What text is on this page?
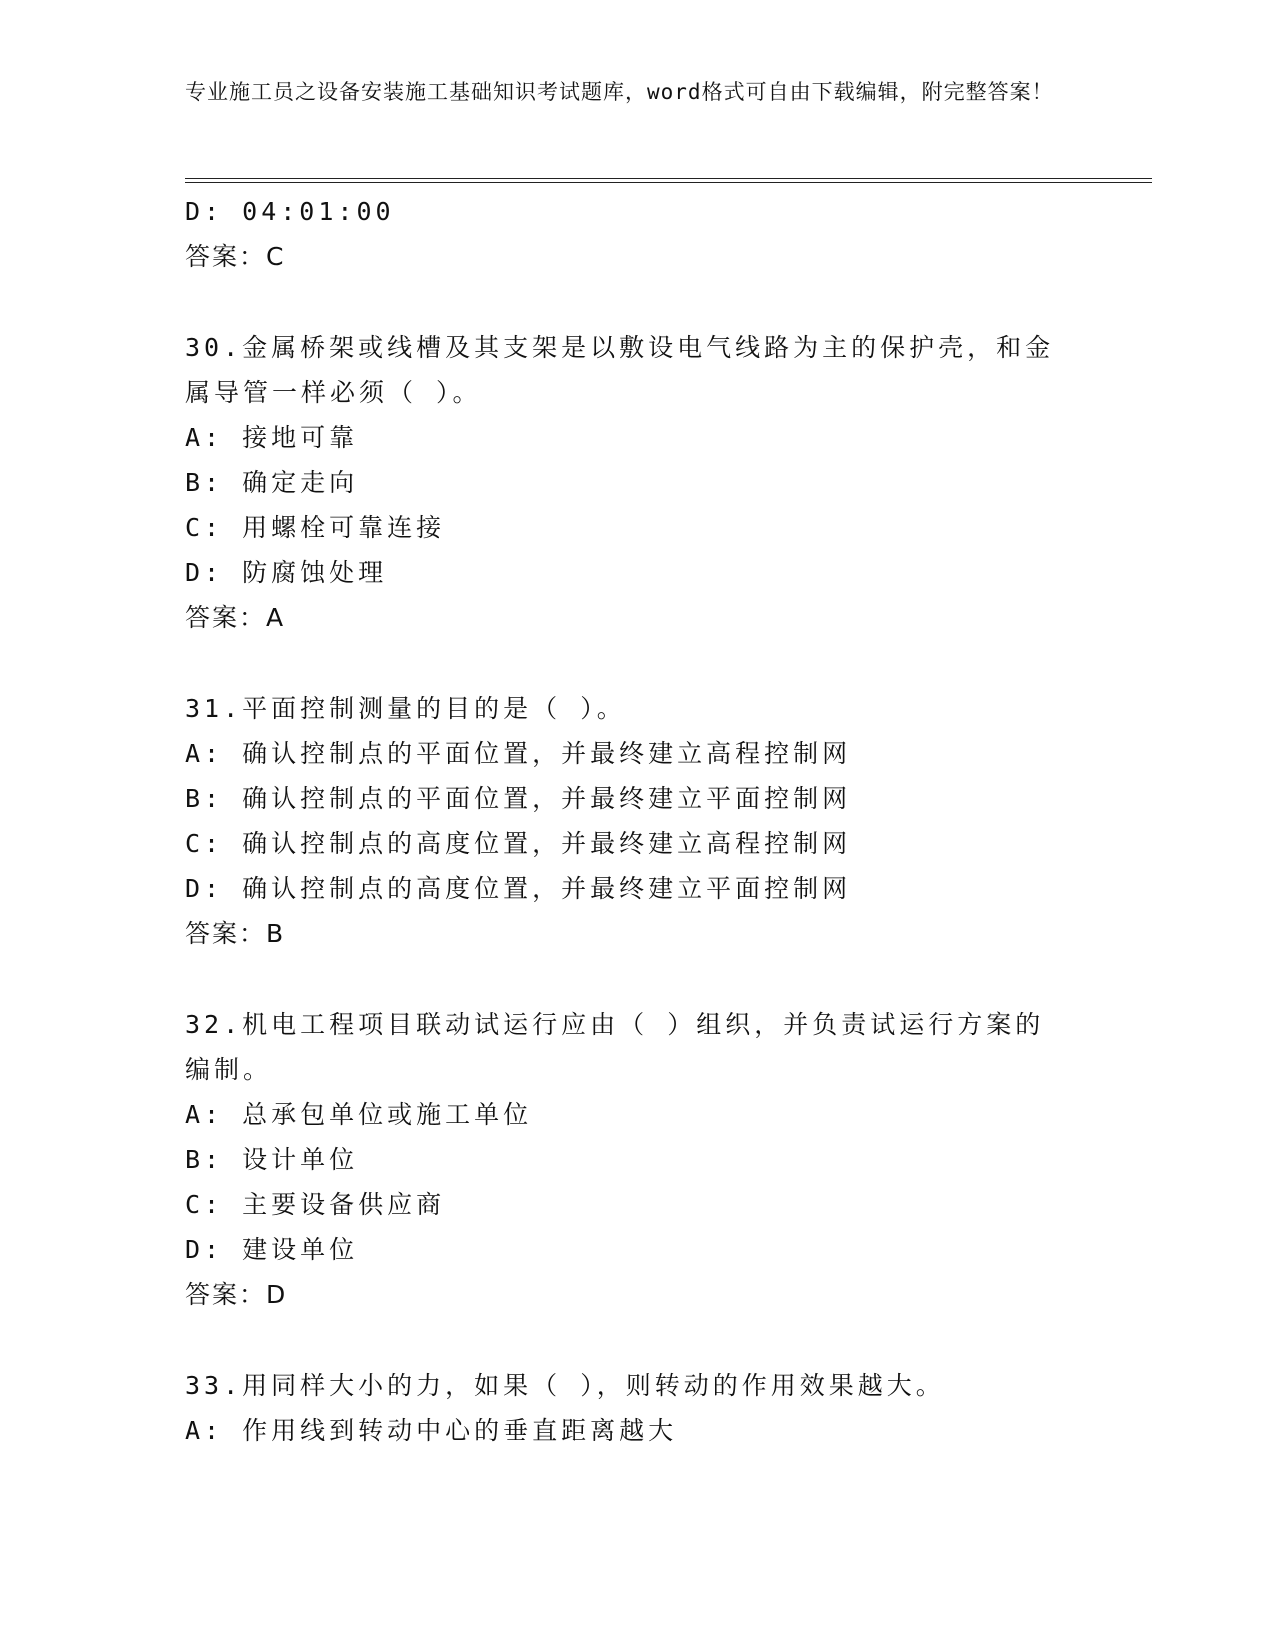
专业施工员之设备安装施工基础知识考试题库，word格式可自由下载编辑，附完整答案！
D: 04:01:00
答案：C
30.金属桥架或线槽及其支架是以敷设电气线路为主的保护壳，和金属导管一样必须（ ）。
A: 接地可靠
B: 确定走向
C: 用螺栓可靠连接
D: 防腐蚀处理
答案：A
31.平面控制测量的目的是（ ）。
A: 确认控制点的平面位置，并最终建立高程控制网
B: 确认控制点的平面位置，并最终建立平面控制网
C: 确认控制点的高度位置，并最终建立高程控制网
D: 确认控制点的高度位置，并最终建立平面控制网
答案：B
32.机电工程项目联动试运行应由（ ）组织，并负责试运行方案的编制。
A: 总承包单位或施工单位
B: 设计单位
C: 主要设备供应商
D: 建设单位
答案：D
33.用同样大小的力，如果（ ），则转动的作用效果越大。
A: 作用线到转动中心的垂直距离越大
